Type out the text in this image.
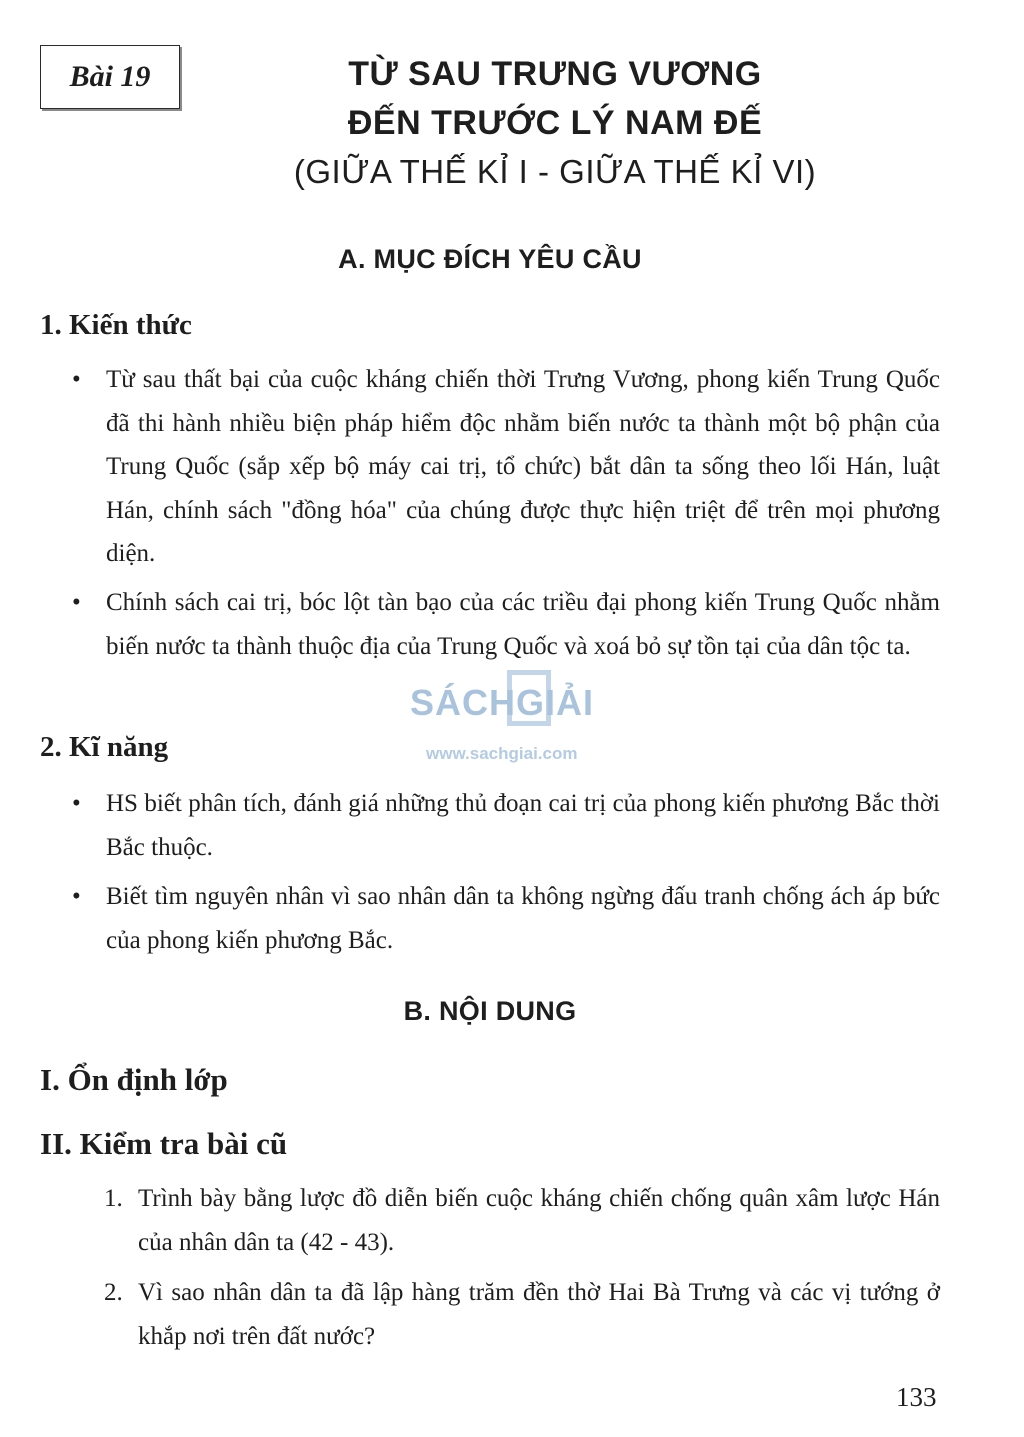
Bài 19	TỪ SAU TRƯNG VƯƠNG
ĐẾN TRƯỚC LÝ NAM ĐẾ
(GIỮA THẾ KỈ I - GIỮA THẾ KỈ VI)
A. MỤC ĐÍCH YÊU CẦU
1. Kiến thức
•	Từ sau thất bại của cuộc kháng chiến thời Trưng Vương, phong kiến Trung Quốc đã thi hành nhiều biện pháp hiểm độc nhằm biến nước ta thành một bộ phận của Trung Quốc (sắp xếp bộ máy cai trị, tổ chức) bắt dân ta sống theo lối Hán, luật Hán, chính sách "đồng hóa" của chúng được thực hiện triệt để trên mọi phương diện.
•	Chính sách cai trị, bóc lột tàn bạo của các triều đại phong kiến Trung Quốc nhằm biến nước ta thành thuộc địa của Trung Quốc và xoá bỏ sự tồn tại của dân tộc ta.
2. Kĩ năng
•	HS biết phân tích, đánh giá những thủ đoạn cai trị của phong kiến phương Bắc thời Bắc thuộc.
•	Biết tìm nguyên nhân vì sao nhân dân ta không ngừng đấu tranh chống ách áp bức của phong kiến phương Bắc.
B. NỘI DUNG
I. Ổn định lớp
II. Kiểm tra bài cũ
1. Trình bày bằng lược đồ diễn biến cuộc kháng chiến chống quân xâm lược Hán của nhân dân ta (42 - 43).
2. Vì sao nhân dân ta đã lập hàng trăm đền thờ Hai Bà Trưng và các vị tướng ở khắp nơi trên đất nước?
SÁCHGIẢI
www.sachgiai.com
133
